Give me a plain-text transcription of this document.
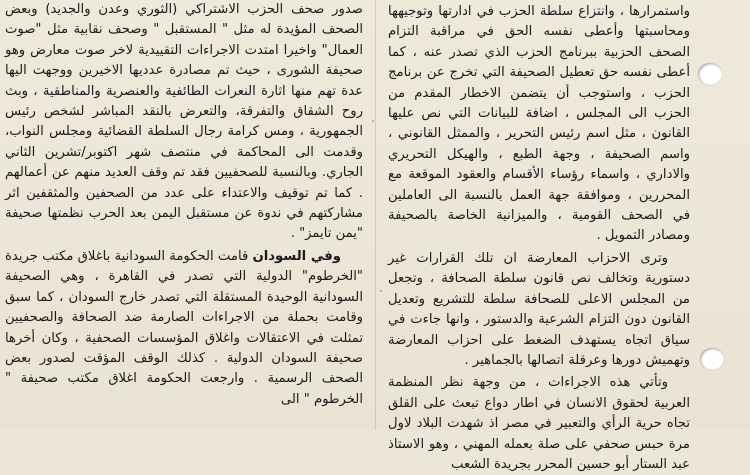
واستمرارها ، وانتزاع سلطة الحزب في ادارتها وتوجيهها ومحاسبتها وأعطى نفسه الحق في مراقبة التزام الصحف الحزبية ببرنامج الحزب الذي تصدر عنه ، كما أعطى نفسه حق تعطيل الصحيفة التي تخرج عن برنامج الحزب ، واستوجب أن يتضمن الاخطار المقدم من الحزب الى المجلس ، اضافة للبيانات التي نص عليها القانون ، مثل اسم رئيس التحرير ، والممثل القانوني ، واسم الصحيفة ، وجهة الطبع ، والهيكل التحريري والاداري ، واسماء رؤساء الأقسام والعقود الموقعة مع المحررين ، وموافقة جهة العمل بالنسبة الى العاملين في الصحف القومية ، والميزانية الخاصة بالصحيفة ومصادر التمويل .

وترى الاحزاب المعارضة ان تلك القرارات غير دستورية وتخالف نص قانون سلطة الصحافة ، وتجعل من المجلس الاعلى للصحافة سلطة للتشريع وتعديل القانون دون التزام الشرعية والدستور ، وانها جاءت في سياق اتجاه يستهدف الضغط على احزاب المعارضة وتهميش دورها وعرقلة اتصالها بالجماهير .

وتأتي هذه الاجراءات ، من وجهة نظر المنظمة العربية لحقوق الانسان في اطار دواع تبعث على القلق تجاه حرية الرأي والتعبير في مصر اذ شهدت البلاد لاول مرة حبس صحفي على صلة بعمله المهني ، وهو الاستاذ عبد الستار أبو حسين المحرر بجريدة الشعب

صدور صحف الحزب الاشتراكي (الثوري وعدن والجديد) وبعض الصحف المؤيدة له مثل " المستقبل " وصحف نقابية مثل "صوت العمال" واخيرا امتدت الاجراءات التقييدية لاخر صوت معارض وهو صحيفة الشورى ، حيث تم مصادرة عدديها الاخيرين ووجهت اليها عدة تهم منها اثارة النعرات الطائفية والعنصرية والمناطقية ، وبث روح الشقاق والتفرقة، والتعرض بالنقد المباشر لشخص رئيس الجمهورية ، ومس كرامة رجال السلطة القضائية ومجلس النواب، وقدمت الى المحاكمة في منتصف شهر اكتوبر/تشرين الثاني الجاري. وبالنسبة للصحفيين فقد تم وقف العديد منهم عن أعمالهم . كما تم توقيف والاعتداء على عدد من الصحفين والمثقفين اثر مشاركتهم في ندوة عن مستقبل اليمن بعد الحرب نظمتها صحيفة "يمن تايمز" .

وفي السودان قامت الحكومة السودانية باغلاق مكتب جريدة "الخرطوم" الدولية التي تصدر في القاهرة ، وهي الصحيفة السودانية الوحيدة المستقلة التي تصدر خارج السودان ، كما سبق وقامت بحملة من الاجراءات الصارمة ضد الصحافة والصحفيين تمثلت في الاعتقالات واغلاق المؤسسات الصحفية ، وكان أخرها صحيفة السودان الدولية . كذلك الوقف المؤقت لصدور بعض الصحف الرسمية . وارجعت الحكومة اغلاق مكتب صحيفة " الخرطوم " الى
